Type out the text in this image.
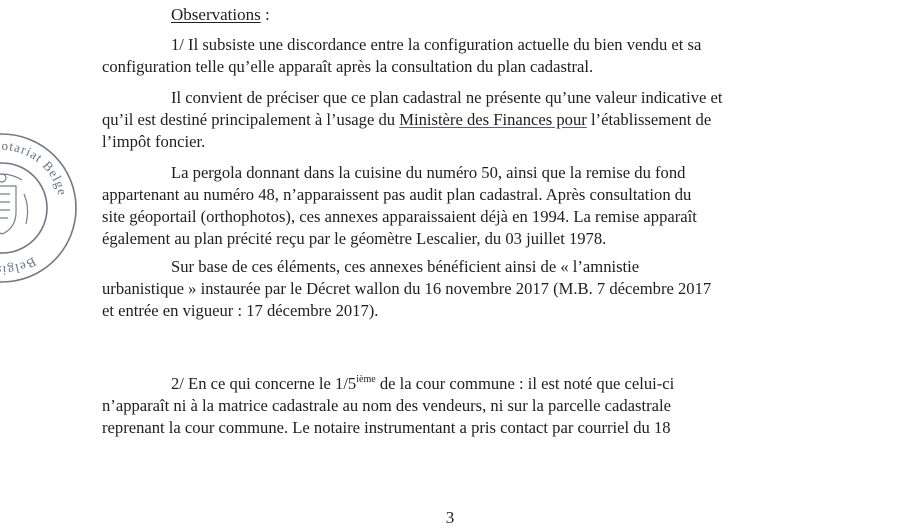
Observations :
1/ Il subsiste une discordance entre la configuration actuelle du bien vendu et sa
configuration telle qu’elle apparaît après la consultation du plan cadastral.
Il convient de préciser que ce plan cadastral ne présente qu’une valeur indicative et
qu’il est destiné principalement à l’usage du Ministère des Finances pour l’établissement de
l’impôt foncier.
La pergola donnant dans la cuisine du numéro 50, ainsi que la remise du fond
appartenant au numéro 48, n’apparaissent pas audit plan cadastral. Après consultation du
site géoportail (orthophotos), ces annexes apparaissaient déjà en 1994. La remise apparaît
également au plan précité reçu par le géomètre Lescalier, du 03 juillet 1978.
Sur base de ces éléments, ces annexes bénéficient ainsi de « l’amnistie
urbanistique » instaurée par le Décret wallon du 16 novembre 2017 (M.B. 7 décembre 2017
et entrée en vigueur : 17 décembre 2017).
2/ En ce qui concerne le 1/5ième de la cour commune : il est noté que celui-ci
n’apparaît ni à la matrice cadastrale au nom des vendeurs, ni sur la parcelle cadastrale
reprenant la cour commune. Le notaire instrumentant a pris contact par courriel du 18
3
otariat Belge
Belgi
